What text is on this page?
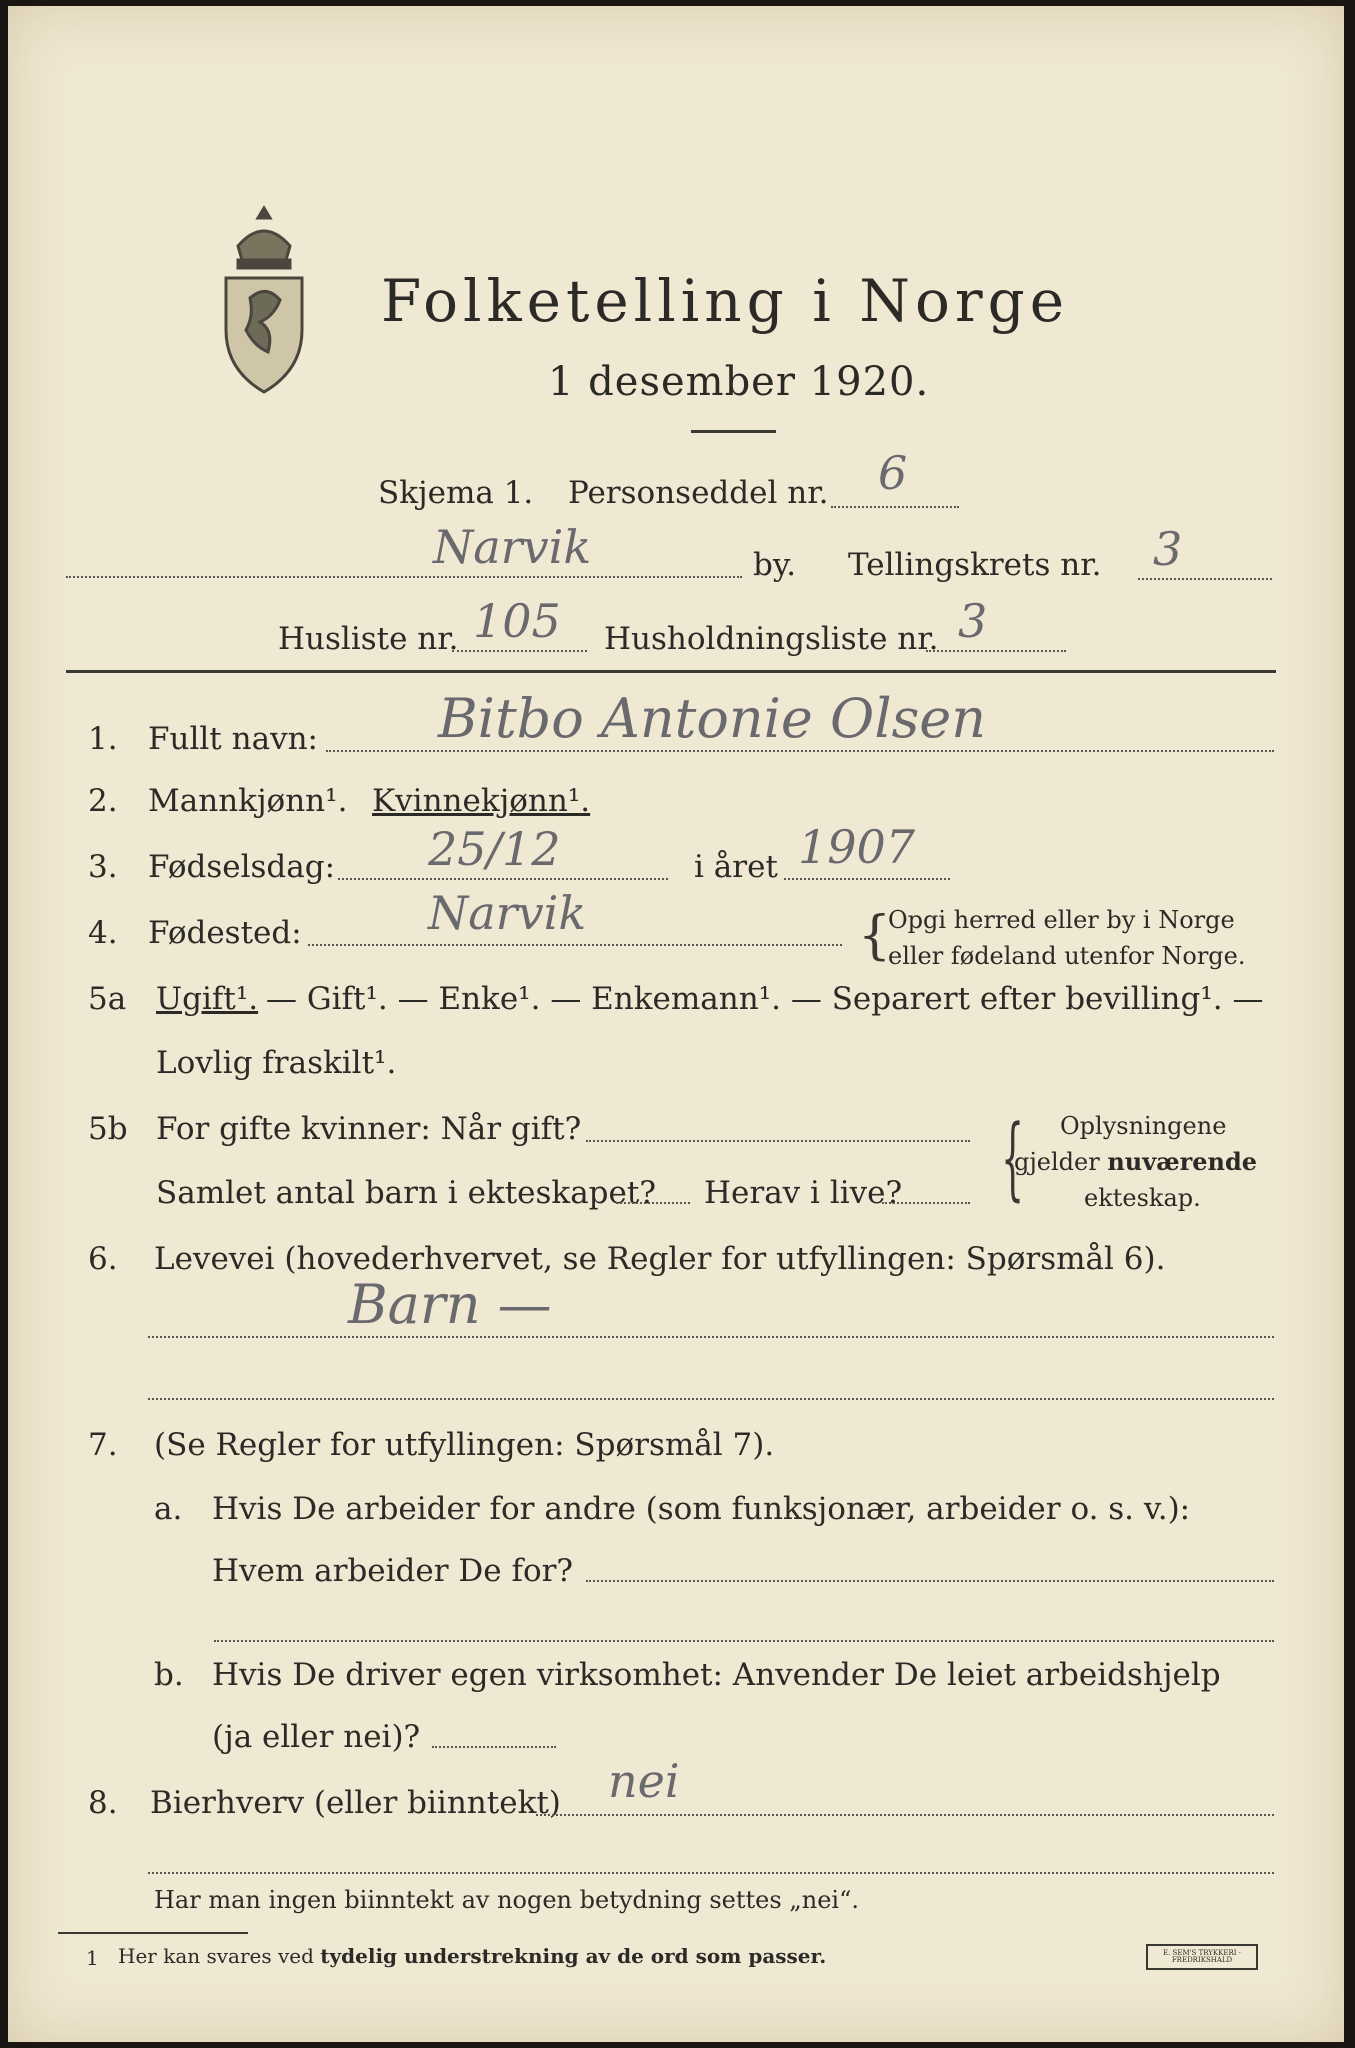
Folketelling i Norge
1 desember 1920.
Skjema 1. Personseddel nr. 6
Narvik	by. Tellingskrets nr. 3
Husliste nr. 105 Husholdningsliste nr. 3
1. Fullt navn: Bitbo Antonie Olsen
2. Mannkjønn¹. Kvinnekjønn¹.
3. Fødselsdag: 25/12	i året 1907
4. Fødested:	Narvik	{
Opgi herred eller by i Norge
eller fødeland utenfor Norge.
5a Ugift¹. — Gift¹. — Enke¹. — Enkemann¹. — Separert efter bevilling¹. —
Lovlig fraskilt¹.
5b For gifte kvinner: Når gift?
Samlet antal barn i ekteskapet? Herav i live? { Oplysningene
gjelder nuværende
ekteskap.
6. Levevei (hovederhvervet, se Regler for utfyllingen: Spørsmål 6).
Barn —
7. (Se Regler for utfyllingen: Spørsmål 7).
a. Hvis De arbeider for andre (som funksjonær, arbeider o. s. v.):
Hvem arbeider De for?
b. Hvis De driver egen virksomhet: Anvender De leiet arbeidshjelp
(ja eller nei)?
8. Bierhverv (eller biinntekt) nei
Har man ingen biinntekt av nogen betydning settes „nei“.
1 Her kan svares ved tydelig understrekning av de ord som passer.	E. SEM'S TRYKKERI · FREDRIKSHALD
